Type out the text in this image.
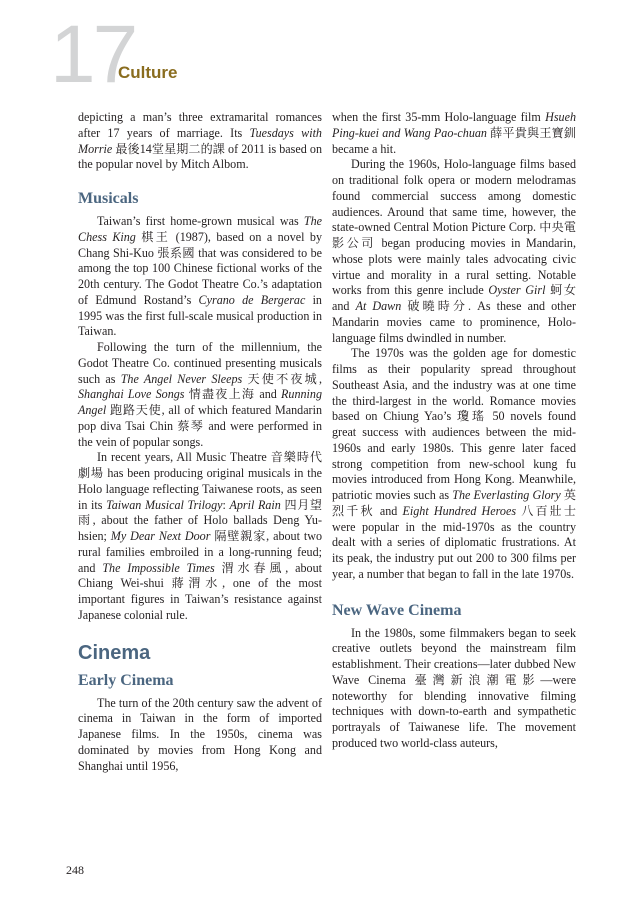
17
Culture

depicting a man’s three extramarital romances after 17 years of marriage. Its Tuesdays with Morrie 最後14堂星期二的課 of 2011 is based on the popular novel by Mitch Albom.

Musicals

Taiwan’s first home-grown musical was The Chess King 棋王 (1987), based on a novel by Chang Shi-Kuo 張系國 that was considered to be among the top 100 Chinese fictional works of the 20th century. The Godot Theatre Co.’s adaptation of Edmund Rostand’s Cyrano de Bergerac in 1995 was the first full-scale musical production in Taiwan.

Following the turn of the millennium, the Godot Theatre Co. continued presenting musicals such as The Angel Never Sleeps 天使不夜城, Shanghai Love Songs 情盡夜上海 and Running Angel 跑路天使, all of which featured Mandarin pop diva Tsai Chin 蔡琴 and were performed in the vein of popular songs.

In recent years, All Music Theatre 音樂時代劇場 has been producing original musicals in the Holo language reflecting Taiwanese roots, as seen in its Taiwan Musical Trilogy: April Rain 四月望雨, about the father of Holo ballads Deng Yu-hsien; My Dear Next Door 隔壁親家, about two rural families embroiled in a long-running feud; and The Impossible Times 渭水春風, about Chiang Wei-shui 蔣渭水, one of the most important figures in Taiwan’s resistance against Japanese colonial rule.

Cinema
Early Cinema

The turn of the 20th century saw the advent of cinema in Taiwan in the form of imported Japanese films. In the 1950s, cinema was dominated by movies from Hong Kong and Shanghai until 1956,

when the first 35-mm Holo-language film Hsueh Ping-kuei and Wang Pao-chuan 薛平貴與王寶釧 became a hit.

During the 1960s, Holo-language films based on traditional folk opera or modern melodramas found commercial success among domestic audiences. Around that same time, however, the state-owned Central Motion Picture Corp. 中央電影公司 began producing movies in Mandarin, whose plots were mainly tales advocating civic virtue and morality in a rural setting. Notable works from this genre include Oyster Girl 蚵女 and At Dawn 破曉時分. As these and other Mandarin movies came to prominence, Holo-language films dwindled in number.

The 1970s was the golden age for domestic films as their popularity spread throughout Southeast Asia, and the industry was at one time the third-largest in the world. Romance movies based on Chiung Yao’s 瓊瑤 50 novels found great success with audiences between the mid-1960s and early 1980s. This genre later faced strong competition from new-school kung fu movies introduced from Hong Kong. Meanwhile, patriotic movies such as The Everlasting Glory 英烈千秋 and Eight Hundred Heroes 八百壯士 were popular in the mid-1970s as the country dealt with a series of diplomatic frustrations. At its peak, the industry put out 200 to 300 films per year, a number that began to fall in the late 1970s.

New Wave Cinema

In the 1980s, some filmmakers began to seek creative outlets beyond the mainstream film establishment. Their creations—later dubbed New Wave Cinema 臺灣新浪潮電影—were noteworthy for blending innovative filming techniques with down-to-earth and sympathetic portrayals of Taiwanese life. The movement produced two world-class auteurs,

248
